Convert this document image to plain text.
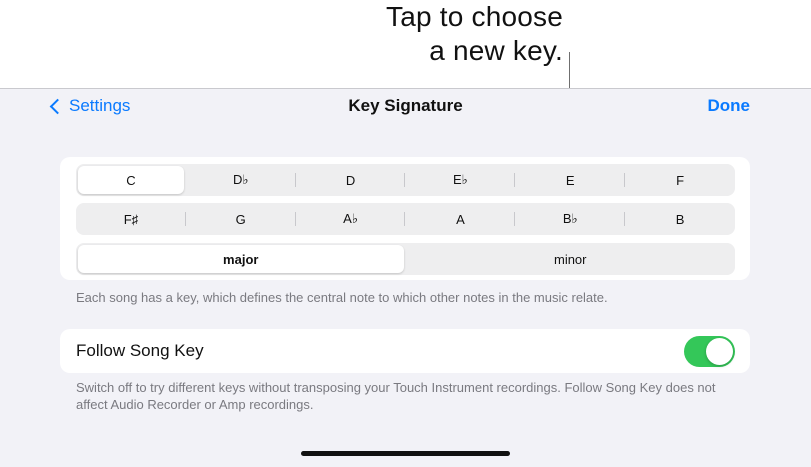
Tap to choose
a new key.
Settings	Key Signature	Done
C	D♭	D	E♭	E	F
F♯	G	A♭	A	B♭	B
major	minor
Each song has a key, which defines the central note to which other notes in the music relate.
Follow Song Key
Switch off to try different keys without transposing your Touch Instrument recordings. Follow Song Key does not affect Audio Recorder or Amp recordings.
